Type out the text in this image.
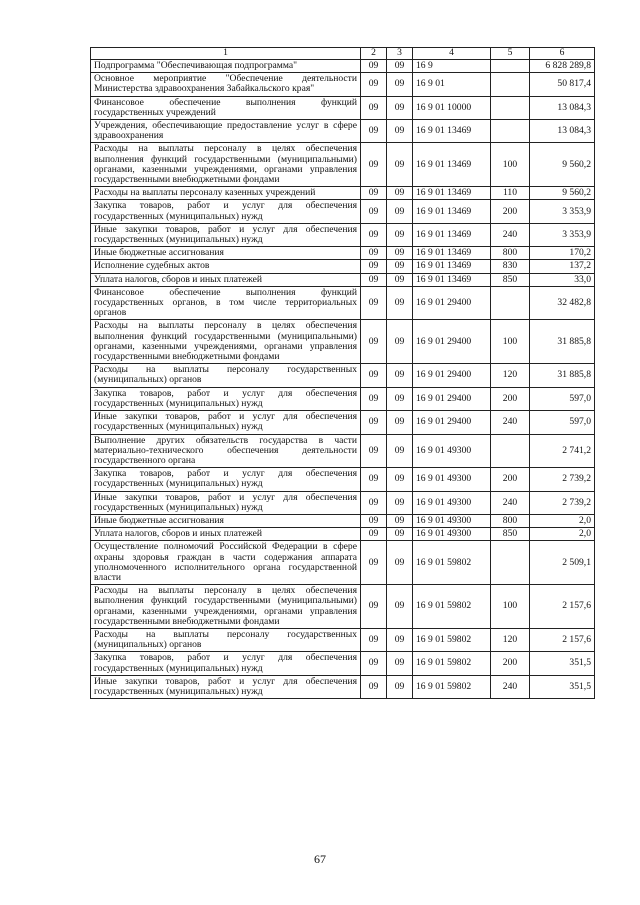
1	2	3	4	5	6
Подпрограмма "Обеспечивающая подпрограмма"	09	09	16 9		6 828 289,8
Основное мероприятие "Обеспечение деятельности Министерства здравоохранения Забайкальского края"	09	09	16 9 01		50 817,4
Финансовое обеспечение выполнения функций государственных учреждений	09	09	16 9 01 10000		13 084,3
Учреждения, обеспечивающие предоставление услуг в сфере здравоохранения	09	09	16 9 01 13469		13 084,3
Расходы на выплаты персоналу в целях обеспечения выполнения функций государственными (муниципальными) органами, казенными учреждениями, органами управления государственными внебюджетными фондами	09	09	16 9 01 13469	100	9 560,2
Расходы на выплаты персоналу казенных учреждений	09	09	16 9 01 13469	110	9 560,2
Закупка товаров, работ и услуг для обеспечения государственных (муниципальных) нужд	09	09	16 9 01 13469	200	3 353,9
Иные закупки товаров, работ и услуг для обеспечения государственных (муниципальных) нужд	09	09	16 9 01 13469	240	3 353,9
Иные бюджетные ассигнования	09	09	16 9 01 13469	800	170,2
Исполнение судебных актов	09	09	16 9 01 13469	830	137,2
Уплата налогов, сборов и иных платежей	09	09	16 9 01 13469	850	33,0
Финансовое обеспечение выполнения функций государственных органов, в том числе территориальных органов	09	09	16 9 01 29400		32 482,8
Расходы на выплаты персоналу в целях обеспечения выполнения функций государственными (муниципальными) органами, казенными учреждениями, органами управления государственными внебюджетными фондами	09	09	16 9 01 29400	100	31 885,8
Расходы на выплаты персоналу государственных (муниципальных) органов	09	09	16 9 01 29400	120	31 885,8
Закупка товаров, работ и услуг для обеспечения государственных (муниципальных) нужд	09	09	16 9 01 29400	200	597,0
Иные закупки товаров, работ и услуг для обеспечения государственных (муниципальных) нужд	09	09	16 9 01 29400	240	597,0
Выполнение других обязательств государства в части материально-технического обеспечения деятельности государственного органа	09	09	16 9 01 49300		2 741,2
Закупка товаров, работ и услуг для обеспечения государственных (муниципальных) нужд	09	09	16 9 01 49300	200	2 739,2
Иные закупки товаров, работ и услуг для обеспечения государственных (муниципальных) нужд	09	09	16 9 01 49300	240	2 739,2
Иные бюджетные ассигнования	09	09	16 9 01 49300	800	2,0
Уплата налогов, сборов и иных платежей	09	09	16 9 01 49300	850	2,0
Осуществление полномочий Российской Федерации в сфере охраны здоровья граждан в части содержания аппарата уполномоченного исполнительного органа государственной власти	09	09	16 9 01 59802		2 509,1
Расходы на выплаты персоналу в целях обеспечения выполнения функций государственными (муниципальными) органами, казенными учреждениями, органами управления государственными внебюджетными фондами	09	09	16 9 01 59802	100	2 157,6
Расходы на выплаты персоналу государственных (муниципальных) органов	09	09	16 9 01 59802	120	2 157,6
Закупка товаров, работ и услуг для обеспечения государственных (муниципальных) нужд	09	09	16 9 01 59802	200	351,5
Иные закупки товаров, работ и услуг для обеспечения государственных (муниципальных) нужд	09	09	16 9 01 59802	240	351,5
67
